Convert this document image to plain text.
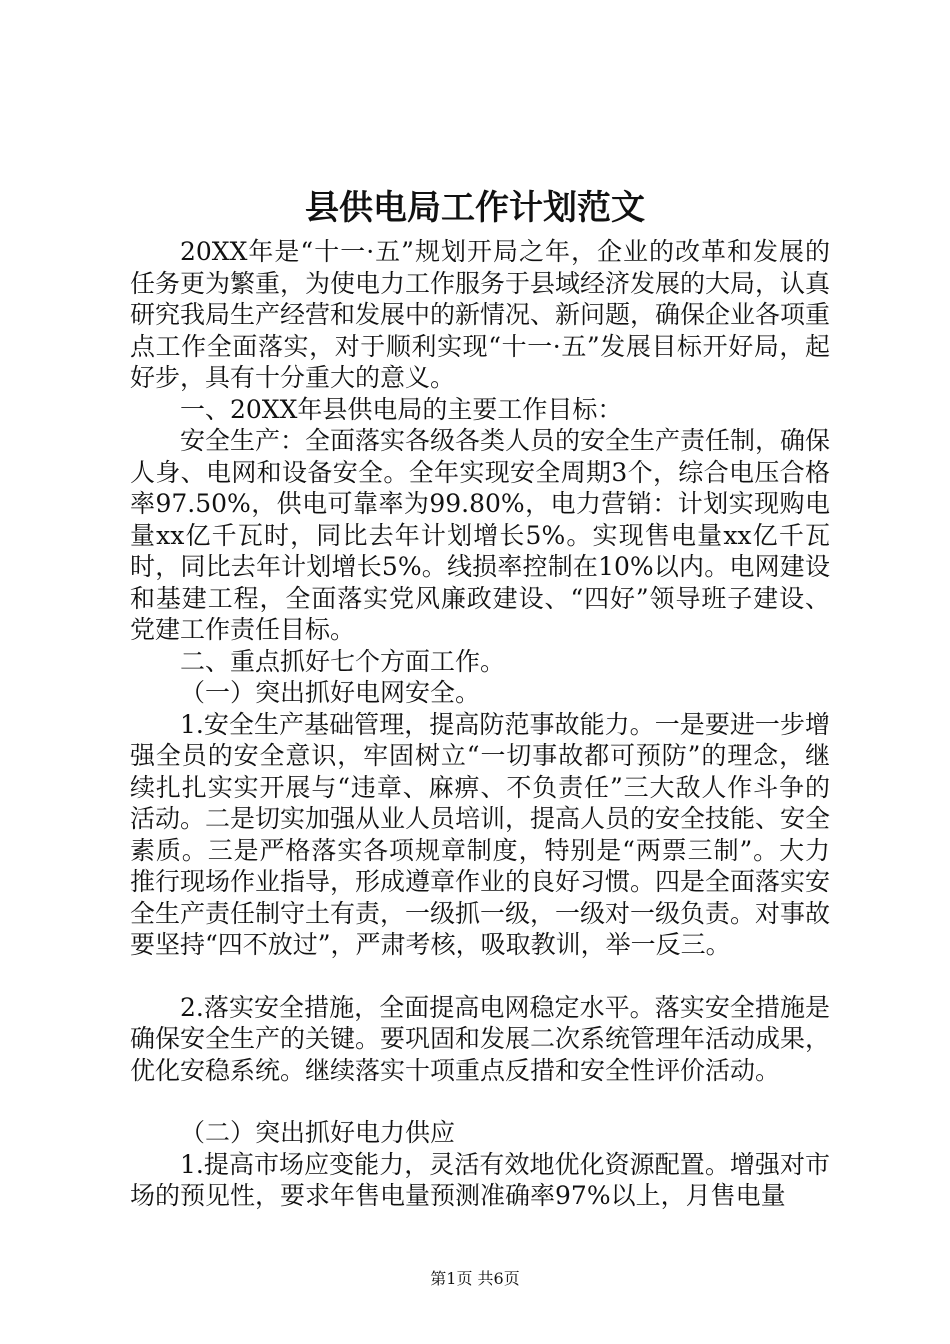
县供电局工作计划范文

20XX年是“十一·五”规划开局之年，企业的改革和发展的任务更为繁重，为使电力工作服务于县域经济发展的大局，认真研究我局生产经营和发展中的新情况、新问题，确保企业各项重点工作全面落实，对于顺利实现“十一·五”发展目标开好局，起好步，具有十分重大的意义。

一、20XX年县供电局的主要工作目标：

安全生产：全面落实各级各类人员的安全生产责任制，确保人身、电网和设备安全。全年实现安全周期3个，综合电压合格率97.50%，供电可靠率为99.80%，电力营销：计划实现购电量xx亿千瓦时，同比去年计划增长5%。实现售电量xx亿千瓦时，同比去年计划增长5%。线损率控制在10%以内。电网建设和基建工程，全面落实党风廉政建设、“四好”领导班子建设、党建工作责任目标。

二、重点抓好七个方面工作。

（一）突出抓好电网安全。

1.安全生产基础管理，提高防范事故能力。一是要进一步增强全员的安全意识，牢固树立“一切事故都可预防”的理念，继续扎扎实实开展与“违章、麻痹、不负责任”三大敌人作斗争的活动。二是切实加强从业人员培训，提高人员的安全技能、安全素质。三是严格落实各项规章制度，特别是“两票三制”。大力推行现场作业指导，形成遵章作业的良好习惯。四是全面落实安全生产责任制守土有责，一级抓一级，一级对一级负责。对事故要坚持“四不放过”，严肃考核，吸取教训，举一反三。

2.落实安全措施，全面提高电网稳定水平。落实安全措施是确保安全生产的关键。要巩固和发展二次系统管理年活动成果，优化安稳系统。继续落实十项重点反措和安全性评价活动。

（二）突出抓好电力供应

1.提高市场应变能力，灵活有效地优化资源配置。增强对市场的预见性，要求年售电量预测准确率97%以上，月售电量

第1页 共6页
